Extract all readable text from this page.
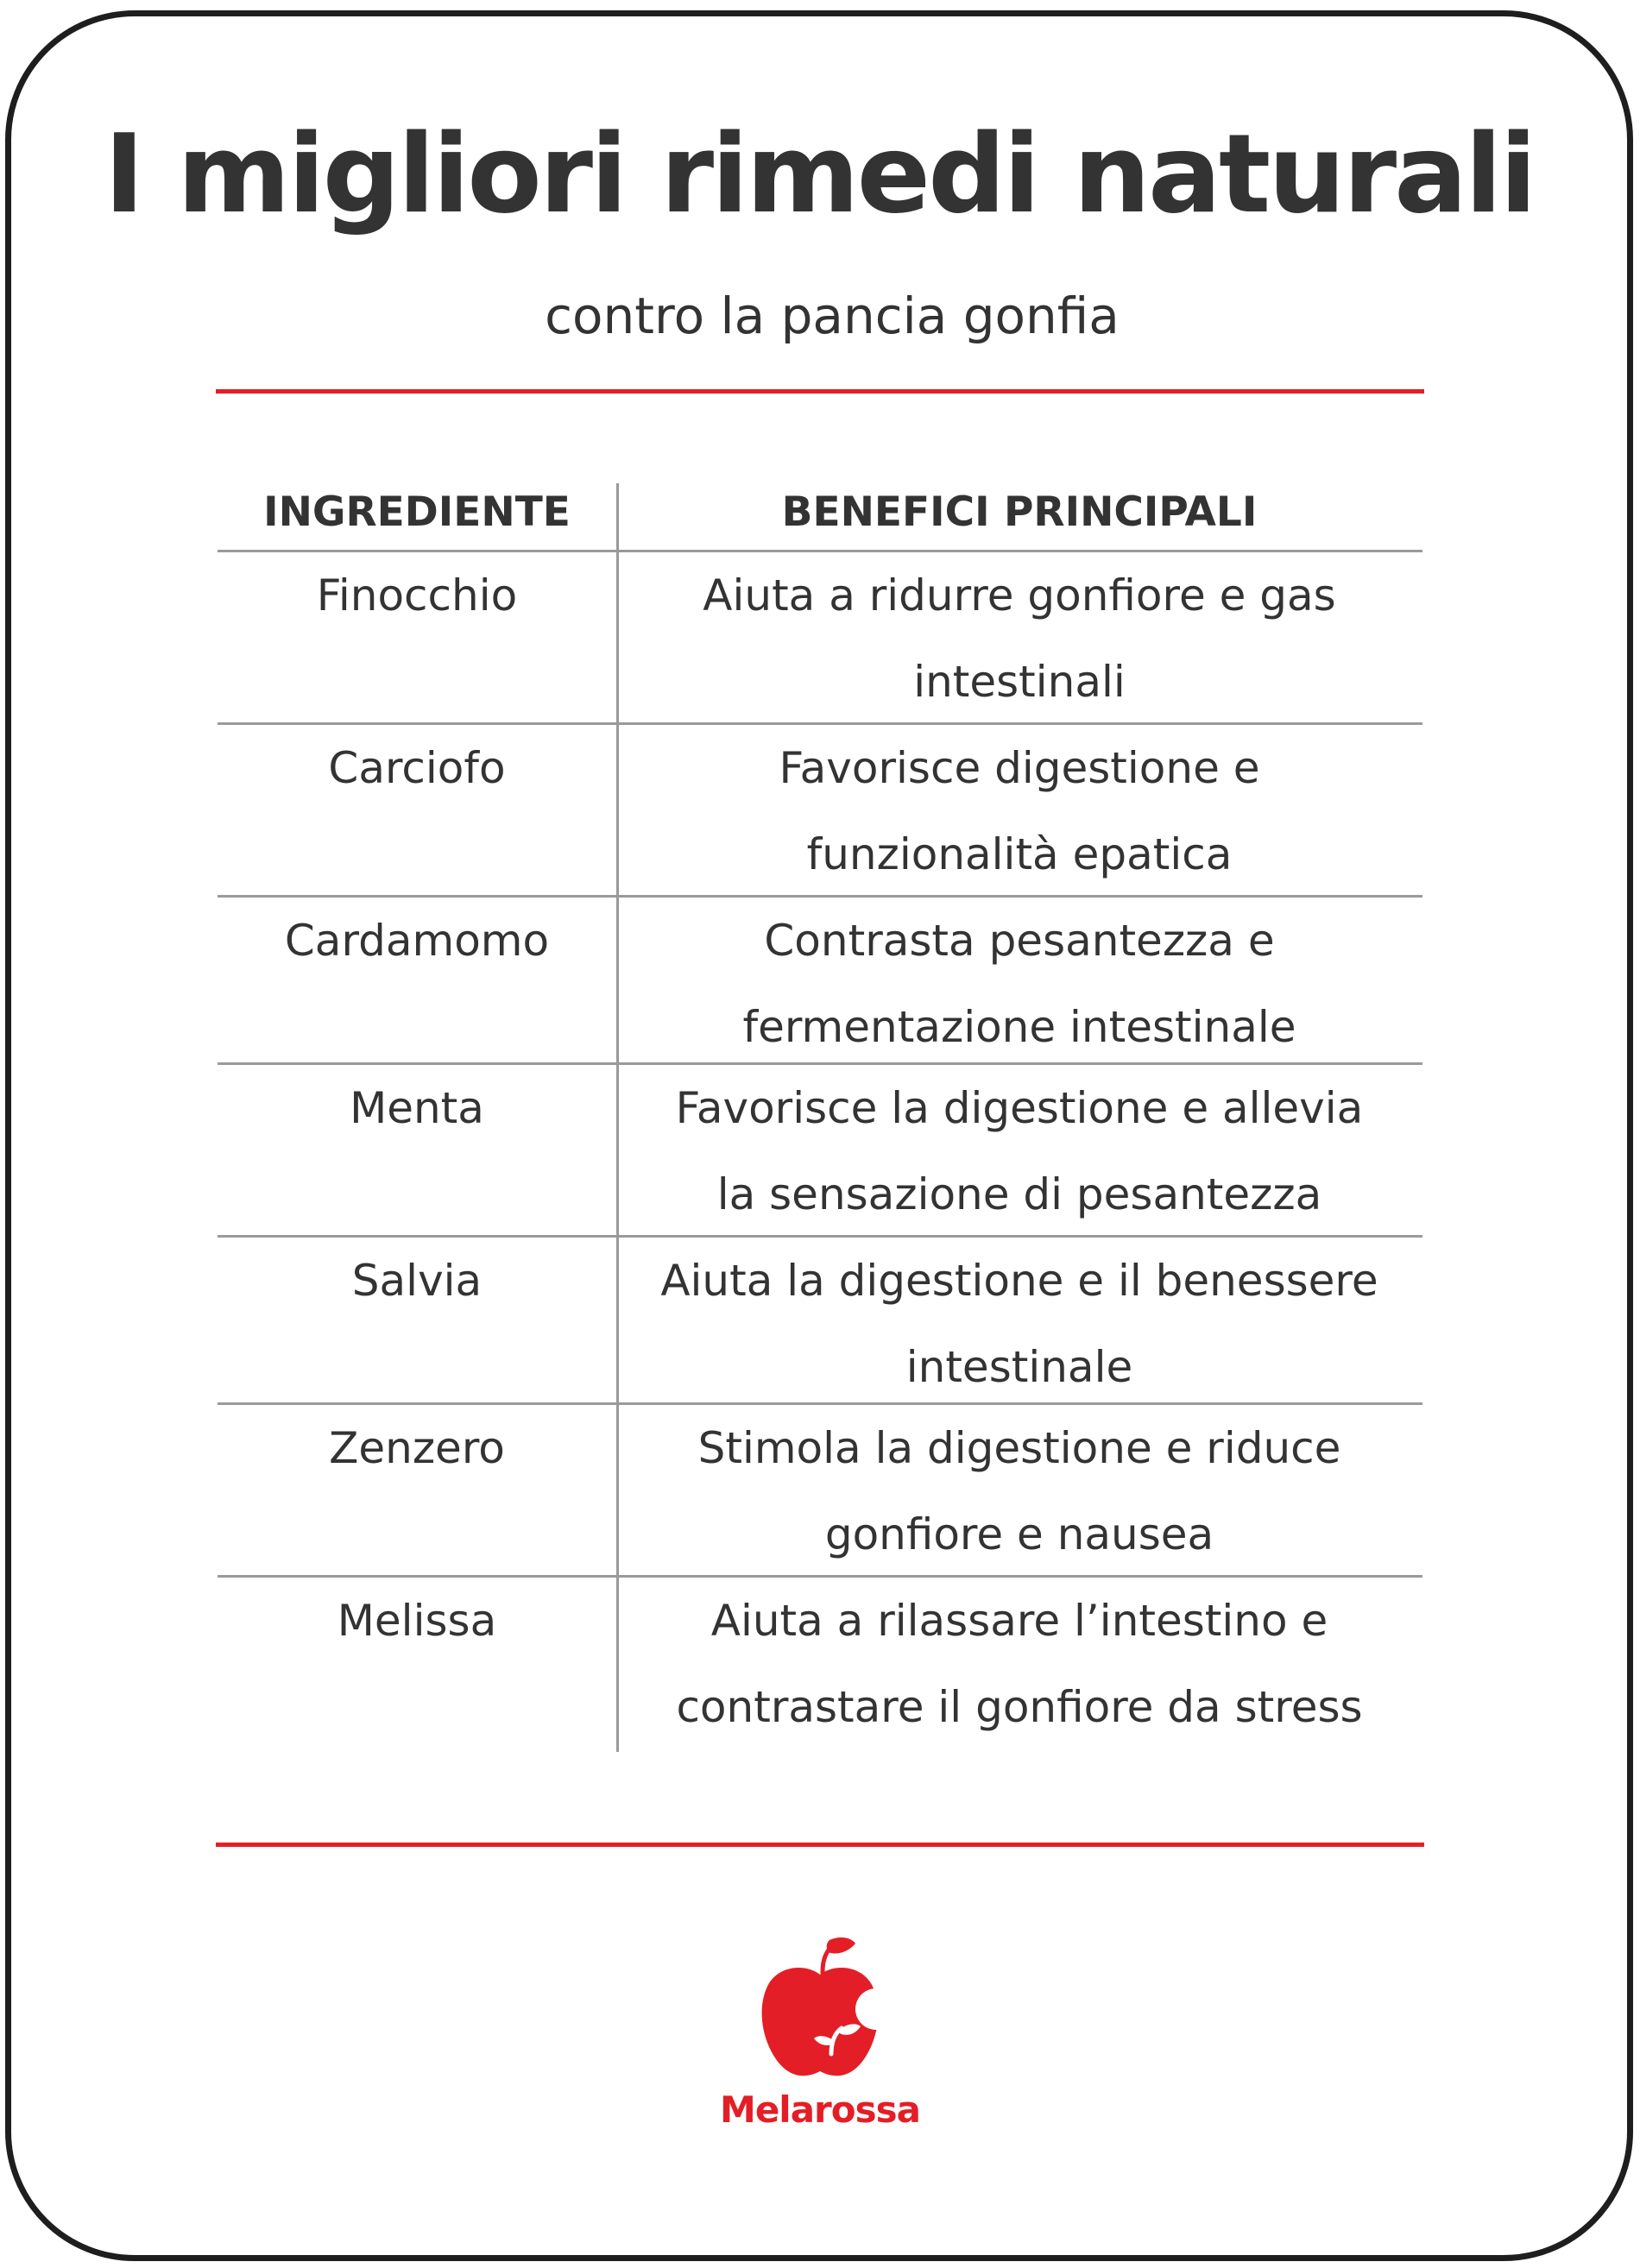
I migliori rimedi naturali
contro la pancia gonfia
INGREDIENTE	BENEFICI PRINCIPALI
Finocchio	Aiuta a ridurre gonfiore e gas intestinali
Carciofo	Favorisce digestione e funzionalità epatica
Cardamomo	Contrasta pesantezza e fermentazione intestinale
Menta	Favorisce la digestione e allevia la sensazione di pesantezza
Salvia	Aiuta la digestione e il benessere intestinale
Zenzero	Stimola la digestione e riduce gonfiore e nausea
Melissa	Aiuta a rilassare l’intestino e contrastare il gonfiore da stress
Melarossa
